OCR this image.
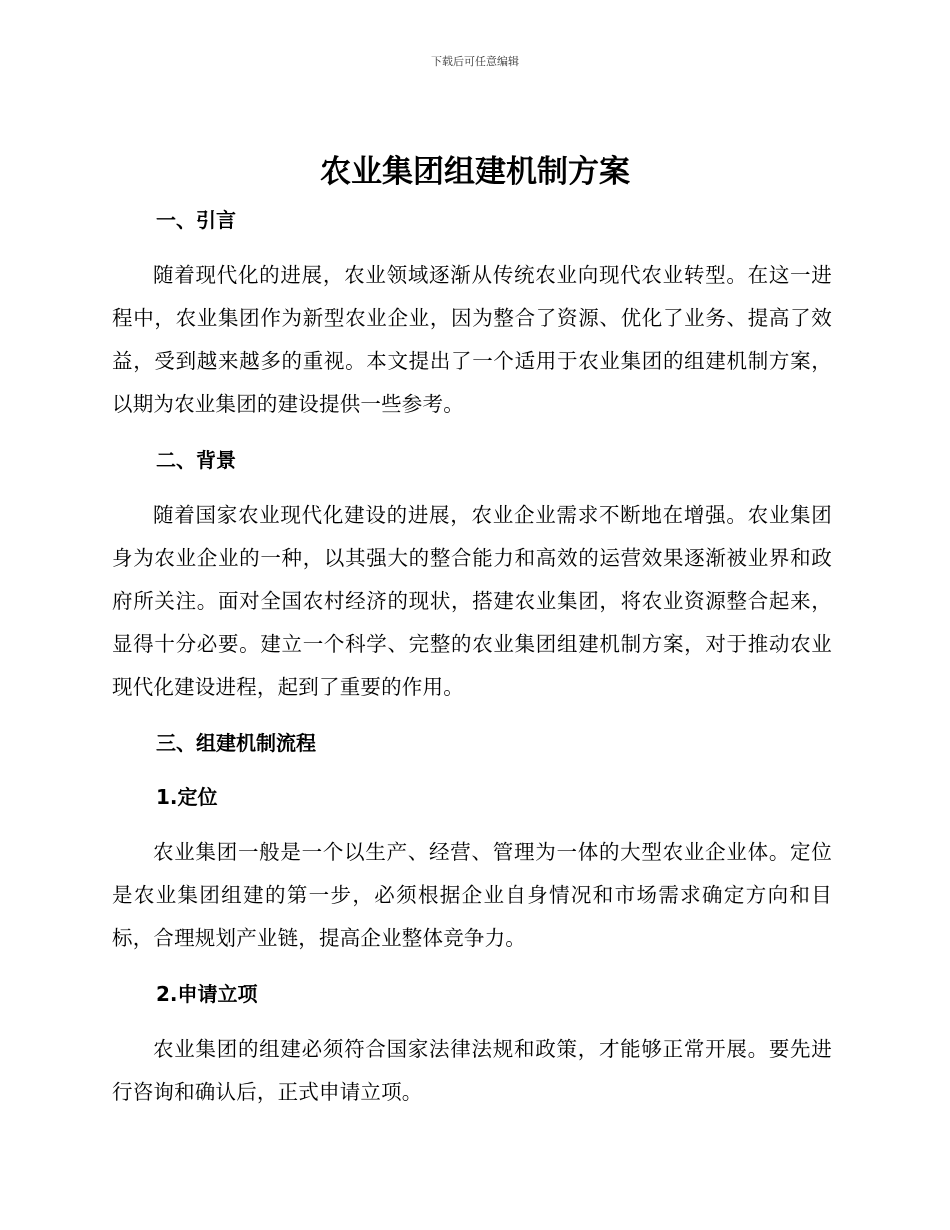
下载后可任意编辑
农业集团组建机制方案
一、引言

随着现代化的进展，农业领域逐渐从传统农业向现代农业转型。在这一进程中，农业集团作为新型农业企业，因为整合了资源、优化了业务、提高了效益，受到越来越多的重视。本文提出了一个适用于农业集团的组建机制方案，以期为农业集团的建设提供一些参考。

二、背景

随着国家农业现代化建设的进展，农业企业需求不断地在增强。农业集团身为农业企业的一种，以其强大的整合能力和高效的运营效果逐渐被业界和政府所关注。面对全国农村经济的现状，搭建农业集团，将农业资源整合起来，显得十分必要。建立一个科学、完整的农业集团组建机制方案，对于推动农业现代化建设进程，起到了重要的作用。

三、组建机制流程
1.定位

农业集团一般是一个以生产、经营、管理为一体的大型农业企业体。定位是农业集团组建的第一步，必须根据企业自身情况和市场需求确定方向和目标，合理规划产业链，提高企业整体竞争力。

2.申请立项

农业集团的组建必须符合国家法律法规和政策，才能够正常开展。要先进行咨询和确认后，正式申请立项。
